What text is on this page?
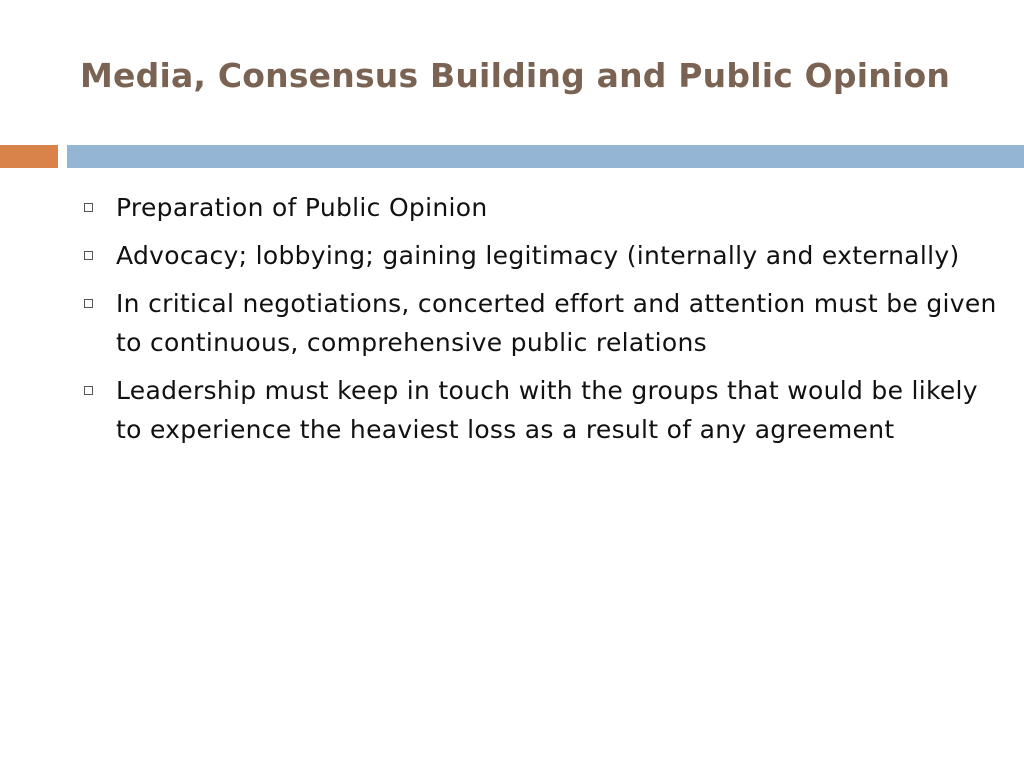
Media, Consensus Building and Public Opinion
Preparation of Public Opinion
Advocacy; lobbying; gaining legitimacy (internally and externally)
In critical negotiations, concerted effort and attention must be given to continuous, comprehensive public relations
Leadership must keep in touch with the groups that would be likely to experience the heaviest loss as a result of any agreement
